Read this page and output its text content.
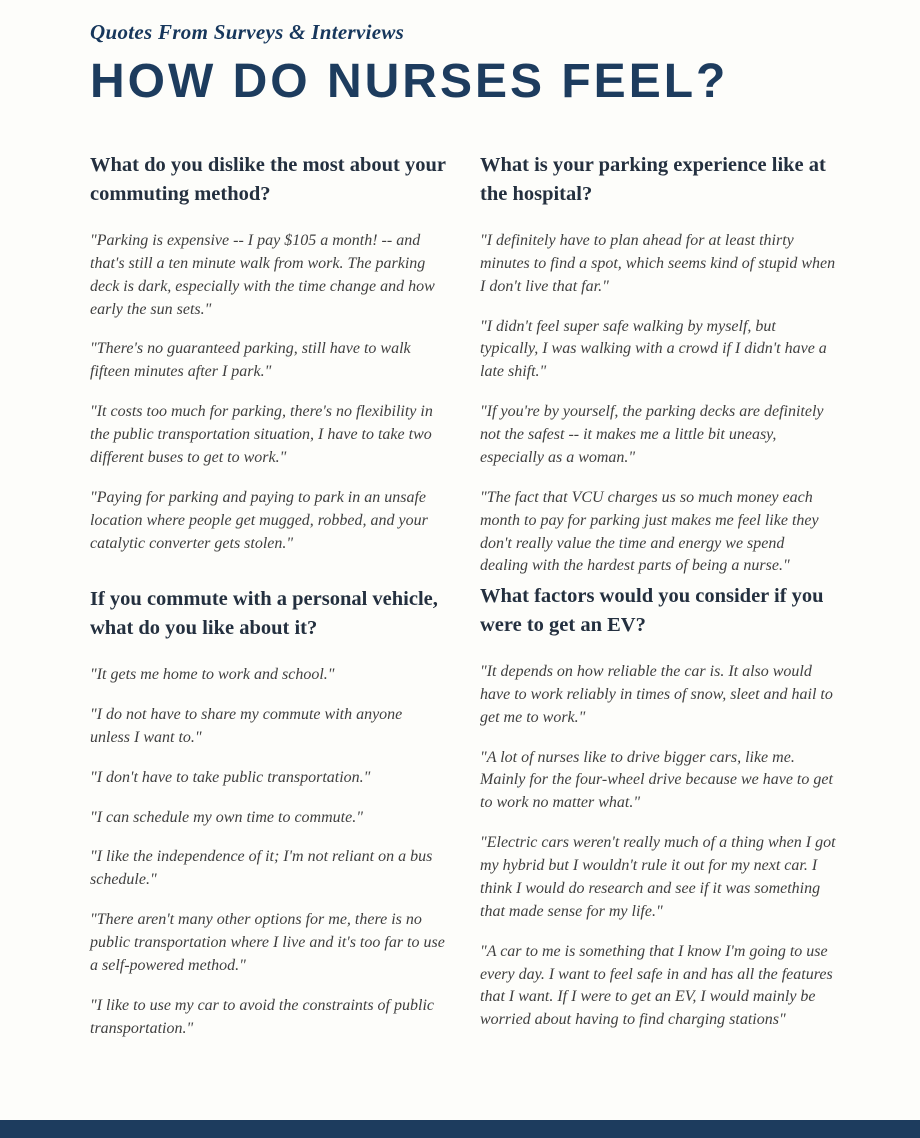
Quotes From Surveys & Interviews
HOW DO NURSES FEEL?
What do you dislike the most about your commuting method?

"Parking is expensive -- I pay $105 a month! -- and that's still a ten minute walk from work. The parking deck is dark, especially with the time change and how early the sun sets."

"There's no guaranteed parking, still have to walk fifteen minutes after I park."

"It costs too much for parking, there's no flexibility in the public transportation situation, I have to take two different buses to get to work."

"Paying for parking and paying to park in an unsafe location where people get mugged, robbed, and your catalytic converter gets stolen."

If you commute with a personal vehicle, what do you like about it?

"It gets me home to work and school."

"I do not have to share my commute with anyone unless I want to."

"I don't have to take public transportation."

"I can schedule my own time to commute."

"I like the independence of it; I'm not reliant on a bus schedule."

"There aren't many other options for me, there is no public transportation where I live and it's too far to use a self-powered method."

"I like to use my car to avoid the constraints of public transportation."

What is your parking experience like at the hospital?

"I definitely have to plan ahead for at least thirty minutes to find a spot, which seems kind of stupid when I don't live that far."

"I didn't feel super safe walking by myself, but typically, I was walking with a crowd if I didn't have a late shift."

"If you're by yourself, the parking decks are definitely not the safest -- it makes me a little bit uneasy, especially as a woman."

"The fact that VCU charges us so much money each month to pay for parking just makes me feel like they don't really value the time and energy we spend dealing with the hardest parts of being a nurse."

What factors would you consider if you were to get an EV?

"It depends on how reliable the car is. It also would have to work reliably in times of snow, sleet and hail to get me to work."

"A lot of nurses like to drive bigger cars, like me. Mainly for the four-wheel drive because we have to get to work no matter what."

"Electric cars weren't really much of a thing when I got my hybrid but I wouldn't rule it out for my next car. I think I would do research and see if it was something that made sense for my life."

"A car to me is something that I know I'm going to use every day. I want to feel safe in and has all the features that I want. If I were to get an EV, I would mainly be worried about having to find charging stations"
